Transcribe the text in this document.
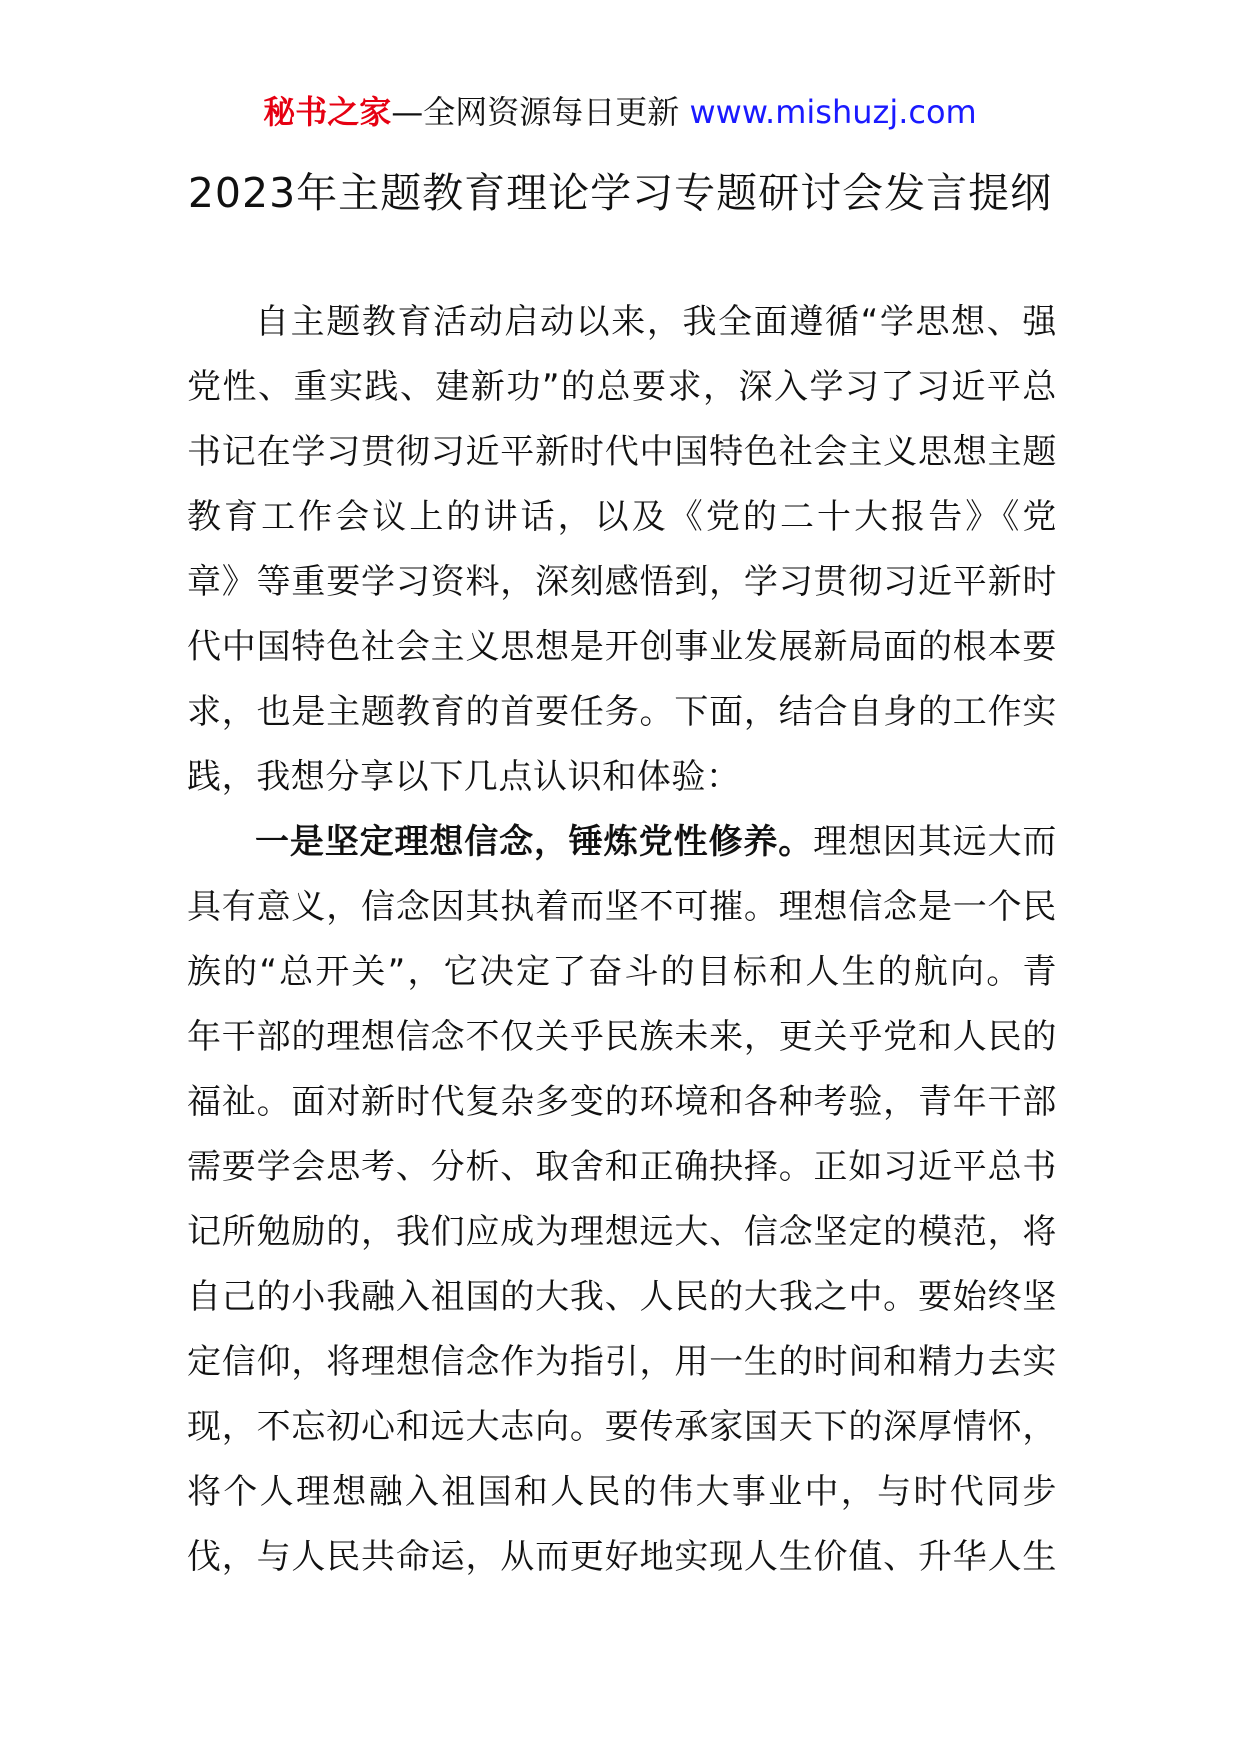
秘书之家—全网资源每日更新 www.mishuzj.com
2023年主题教育理论学习专题研讨会发言提纲
自主题教育活动启动以来，我全面遵循“学思想、强
党性、重实践、建新功”的总要求，深入学习了习近平总
书记在学习贯彻习近平新时代中国特色社会主义思想主题
教育工作会议上的讲话，以及《党的二十大报告》《党
章》等重要学习资料，深刻感悟到，学习贯彻习近平新时
代中国特色社会主义思想是开创事业发展新局面的根本要
求，也是主题教育的首要任务。下面，结合自身的工作实
践，我想分享以下几点认识和体验：
一是坚定理想信念，锤炼党性修养。理想因其远大而
具有意义，信念因其执着而坚不可摧。理想信念是一个民
族的“总开关”，它决定了奋斗的目标和人生的航向。青
年干部的理想信念不仅关乎民族未来，更关乎党和人民的
福祉。面对新时代复杂多变的环境和各种考验，青年干部
需要学会思考、分析、取舍和正确抉择。正如习近平总书
记所勉励的，我们应成为理想远大、信念坚定的模范，将
自己的小我融入祖国的大我、人民的大我之中。要始终坚
定信仰，将理想信念作为指引，用一生的时间和精力去实
现，不忘初心和远大志向。要传承家国天下的深厚情怀，
将个人理想融入祖国和人民的伟大事业中，与时代同步
伐，与人民共命运，从而更好地实现人生价值、升华人生
